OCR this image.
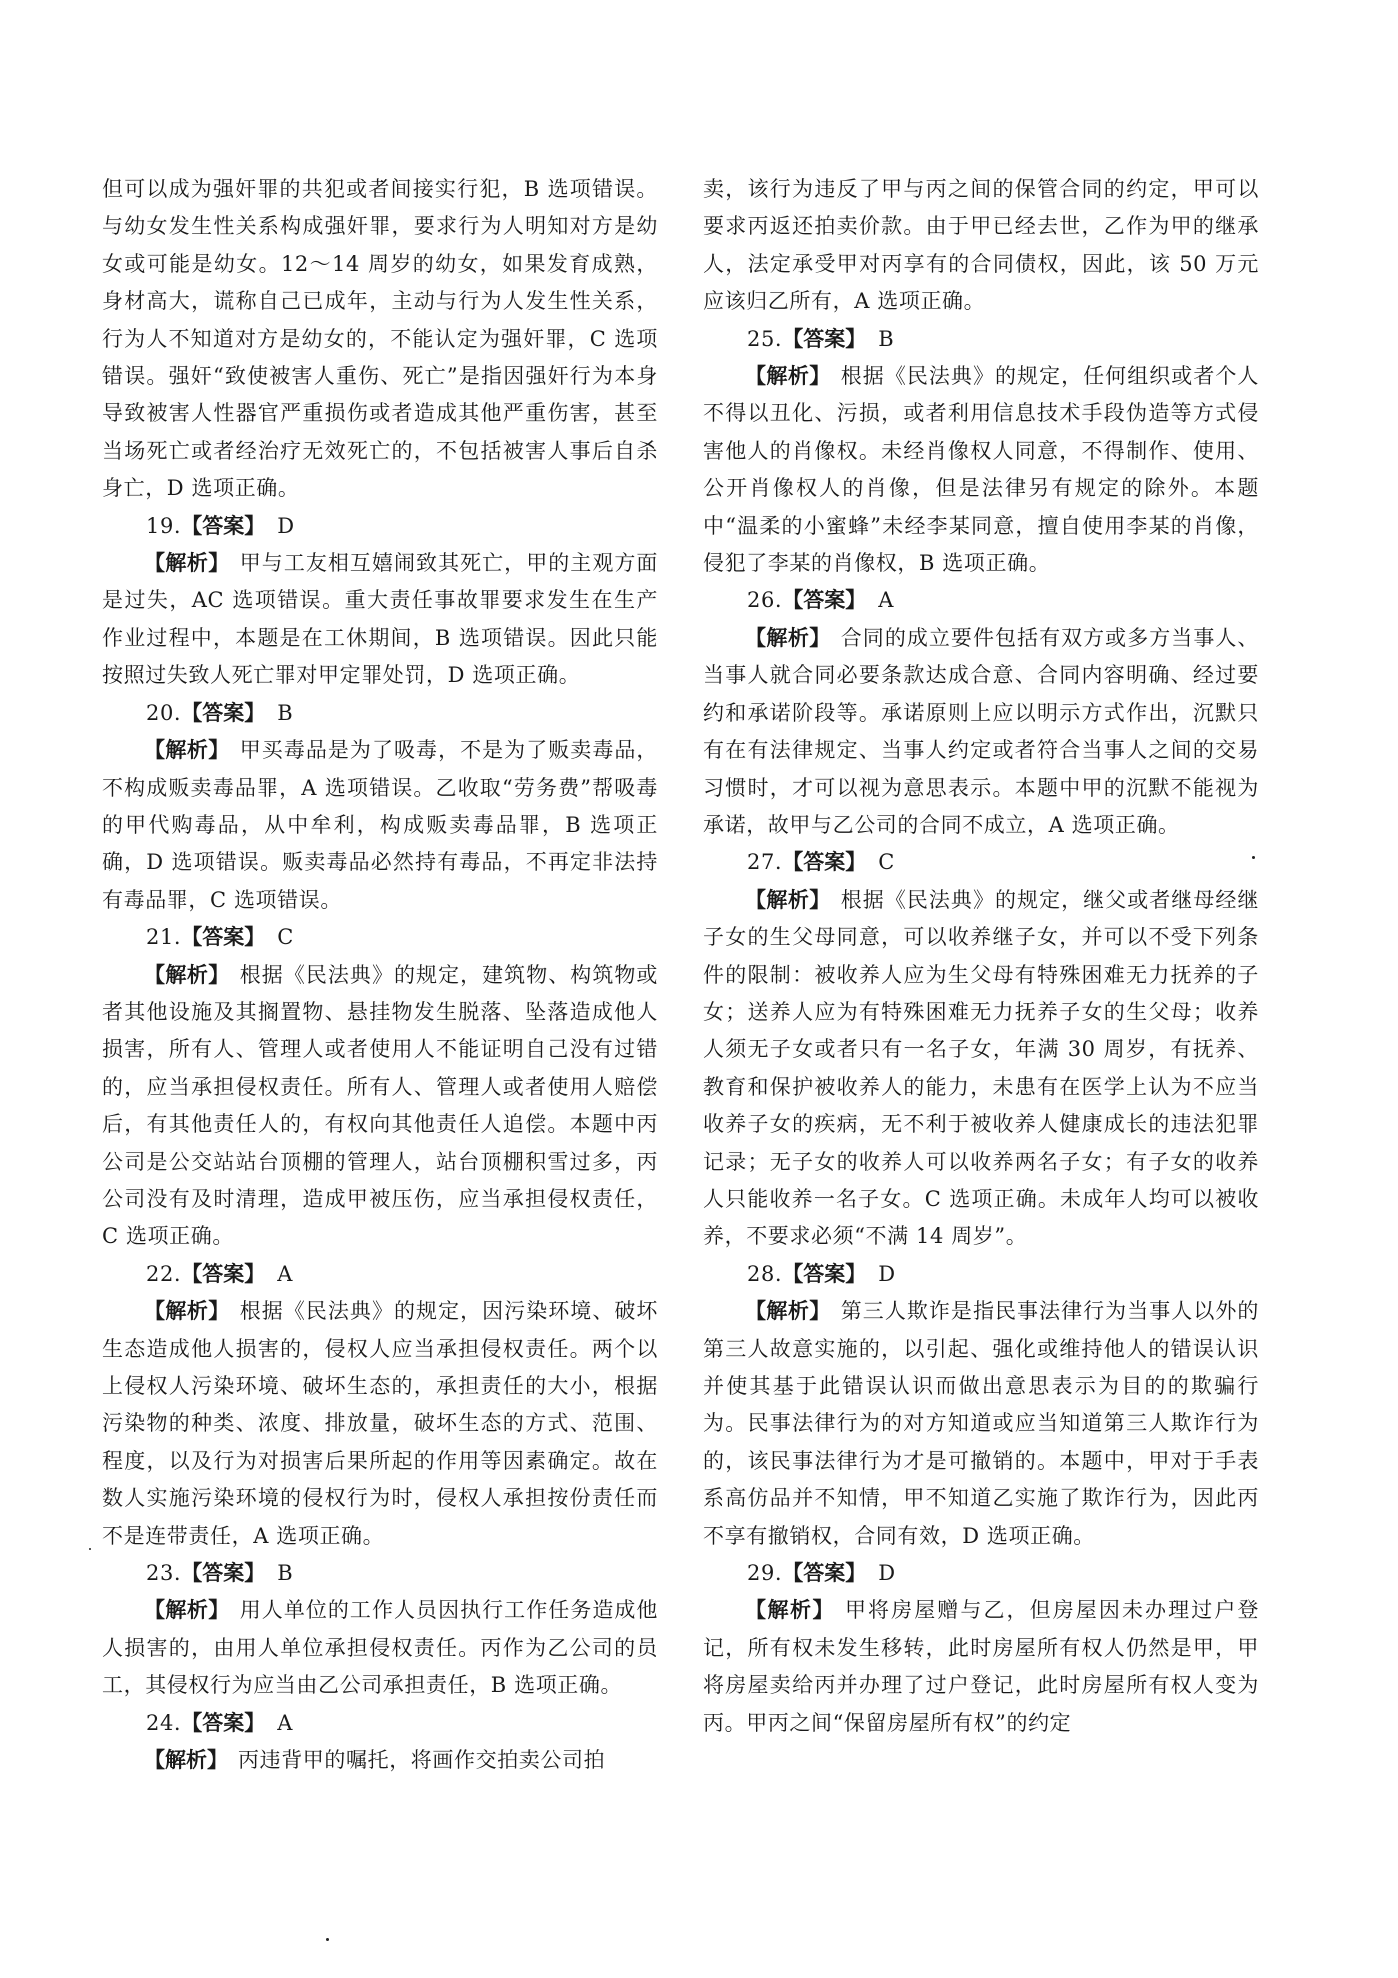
但可以成为强奸罪的共犯或者间接实行犯，B 选项错误。与幼女发生性关系构成强奸罪，要求行为人明知对方是幼女或可能是幼女。12～14 周岁的幼女，如果发育成熟，身材高大，谎称自己已成年，主动与行为人发生性关系，行为人不知道对方是幼女的，不能认定为强奸罪，C 选项错误。强奸“致使被害人重伤、死亡”是指因强奸行为本身导致被害人性器官严重损伤或者造成其他严重伤害，甚至当场死亡或者经治疗无效死亡的，不包括被害人事后自杀身亡，D 选项正确。

19.【答案】 D

【解析】 甲与工友相互嬉闹致其死亡，甲的主观方面是过失，AC 选项错误。重大责任事故罪要求发生在生产作业过程中，本题是在工休期间，B 选项错误。因此只能按照过失致人死亡罪对甲定罪处罚，D 选项正确。

20.【答案】 B

【解析】 甲买毒品是为了吸毒，不是为了贩卖毒品，不构成贩卖毒品罪，A 选项错误。乙收取“劳务费”帮吸毒的甲代购毒品，从中牟利，构成贩卖毒品罪，B 选项正确，D 选项错误。贩卖毒品必然持有毒品，不再定非法持有毒品罪，C 选项错误。

21.【答案】 C

【解析】 根据《民法典》的规定，建筑物、构筑物或者其他设施及其搁置物、悬挂物发生脱落、坠落造成他人损害，所有人、管理人或者使用人不能证明自己没有过错的，应当承担侵权责任。所有人、管理人或者使用人赔偿后，有其他责任人的，有权向其他责任人追偿。本题中丙公司是公交站站台顶棚的管理人，站台顶棚积雪过多，丙公司没有及时清理，造成甲被压伤，应当承担侵权责任，C 选项正确。

22.【答案】 A

【解析】 根据《民法典》的规定，因污染环境、破坏生态造成他人损害的，侵权人应当承担侵权责任。两个以上侵权人污染环境、破坏生态的，承担责任的大小，根据污染物的种类、浓度、排放量，破坏生态的方式、范围、程度，以及行为对损害后果所起的作用等因素确定。故在数人实施污染环境的侵权行为时，侵权人承担按份责任而不是连带责任，A 选项正确。

23.【答案】 B

【解析】 用人单位的工作人员因执行工作任务造成他人损害的，由用人单位承担侵权责任。丙作为乙公司的员工，其侵权行为应当由乙公司承担责任，B 选项正确。

24.【答案】 A

【解析】 丙违背甲的嘱托，将画作交拍卖公司拍

卖，该行为违反了甲与丙之间的保管合同的约定，甲可以要求丙返还拍卖价款。由于甲已经去世，乙作为甲的继承人，法定承受甲对丙享有的合同债权，因此，该 50 万元应该归乙所有，A 选项正确。

25.【答案】 B

【解析】 根据《民法典》的规定，任何组织或者个人不得以丑化、污损，或者利用信息技术手段伪造等方式侵害他人的肖像权。未经肖像权人同意，不得制作、使用、公开肖像权人的肖像，但是法律另有规定的除外。本题中“温柔的小蜜蜂”未经李某同意，擅自使用李某的肖像，侵犯了李某的肖像权，B 选项正确。

26.【答案】 A

【解析】 合同的成立要件包括有双方或多方当事人、当事人就合同必要条款达成合意、合同内容明确、经过要约和承诺阶段等。承诺原则上应以明示方式作出，沉默只有在有法律规定、当事人约定或者符合当事人之间的交易习惯时，才可以视为意思表示。本题中甲的沉默不能视为承诺，故甲与乙公司的合同不成立，A 选项正确。

27.【答案】 C

【解析】 根据《民法典》的规定，继父或者继母经继子女的生父母同意，可以收养继子女，并可以不受下列条件的限制：被收养人应为生父母有特殊困难无力抚养的子女；送养人应为有特殊困难无力抚养子女的生父母；收养人须无子女或者只有一名子女，年满 30 周岁，有抚养、教育和保护被收养人的能力，未患有在医学上认为不应当收养子女的疾病，无不利于被收养人健康成长的违法犯罪记录；无子女的收养人可以收养两名子女；有子女的收养人只能收养一名子女。C 选项正确。未成年人均可以被收养，不要求必须“不满 14 周岁”。

28.【答案】 D

【解析】 第三人欺诈是指民事法律行为当事人以外的第三人故意实施的，以引起、强化或维持他人的错误认识并使其基于此错误认识而做出意思表示为目的的欺骗行为。民事法律行为的对方知道或应当知道第三人欺诈行为的，该民事法律行为才是可撤销的。本题中，甲对于手表系高仿品并不知情，甲不知道乙实施了欺诈行为，因此丙不享有撤销权，合同有效，D 选项正确。

29.【答案】 D

【解析】 甲将房屋赠与乙，但房屋因未办理过户登记，所有权未发生移转，此时房屋所有权人仍然是甲，甲将房屋卖给丙并办理了过户登记，此时房屋所有权人变为丙。甲丙之间“保留房屋所有权”的约定
